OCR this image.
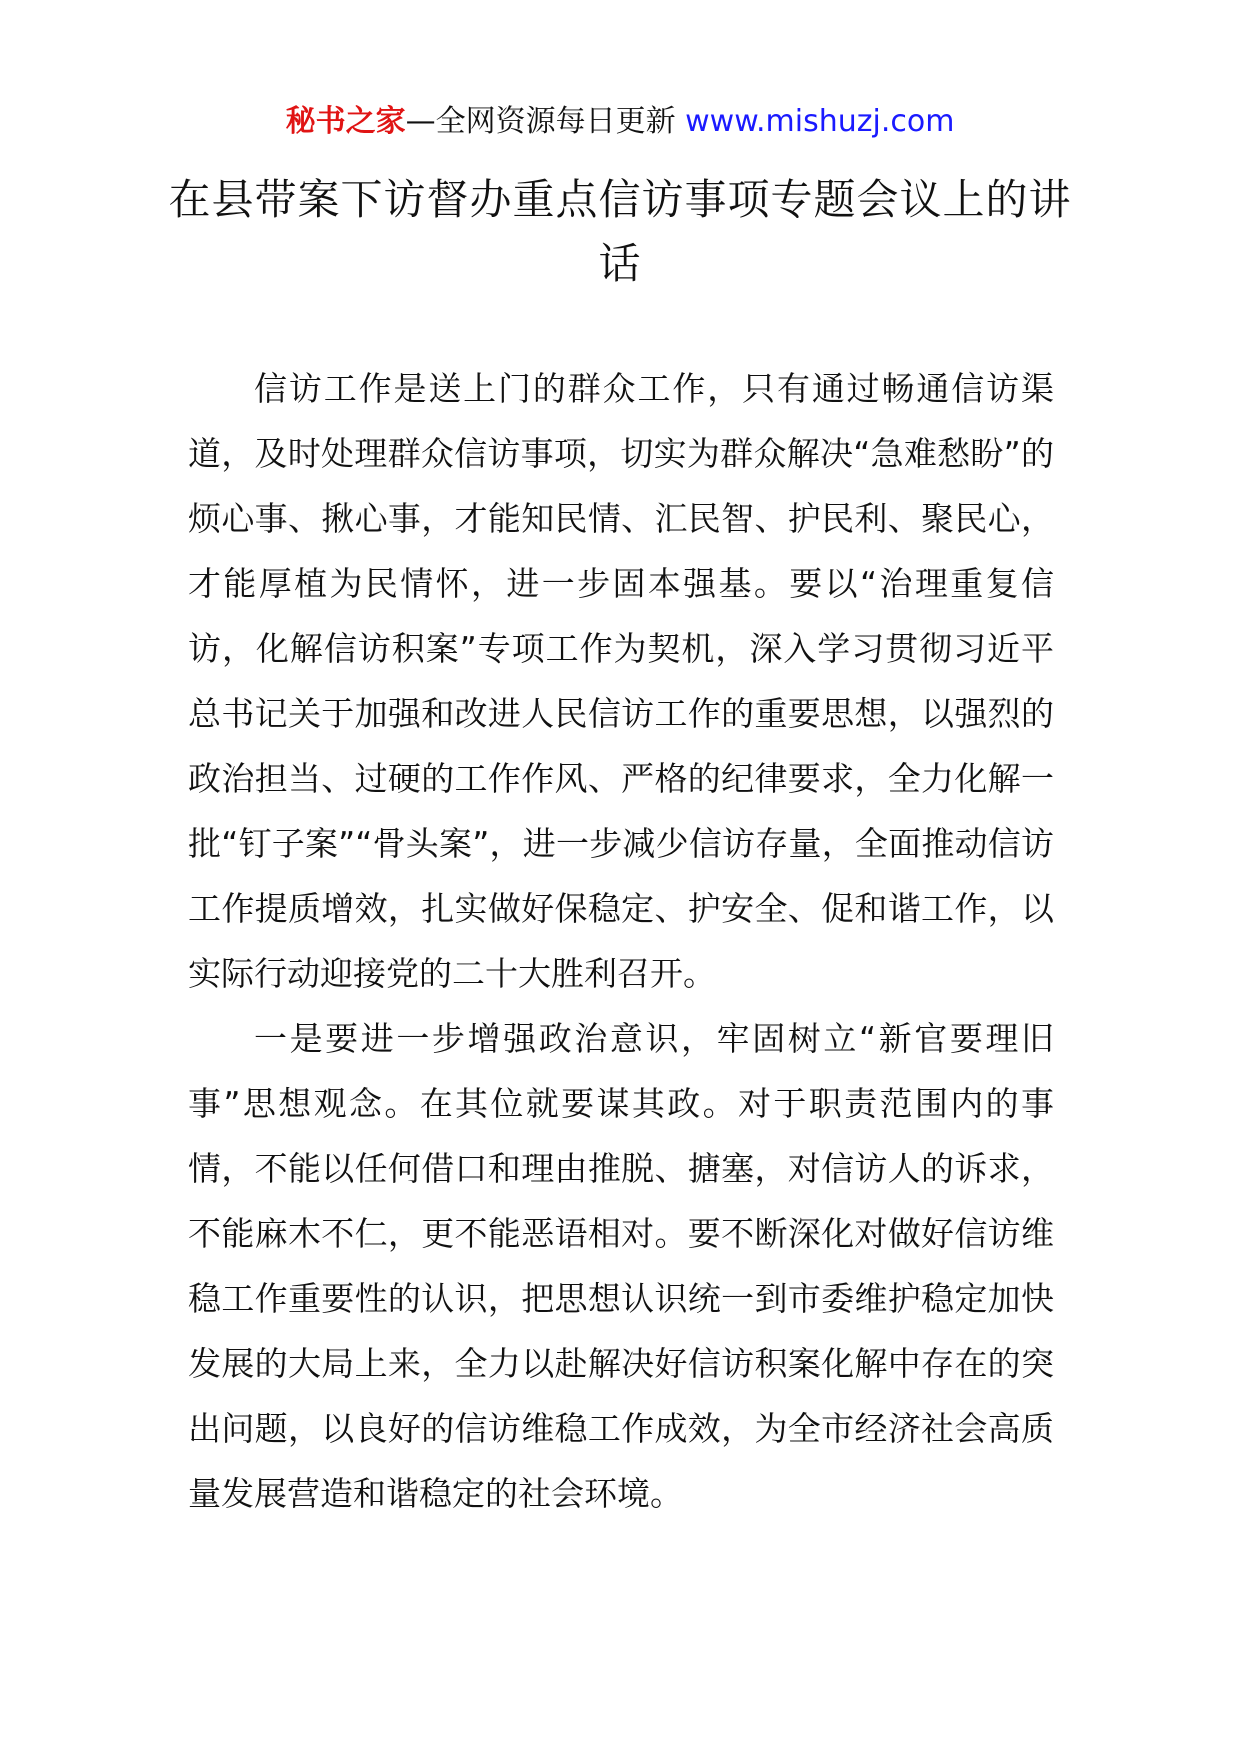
秘书之家—全网资源每日更新 www.mishuzj.com
在县带案下访督办重点信访事项专题会议上的讲话

信访工作是送上门的群众工作，只有通过畅通信访渠道，及时处理群众信访事项，切实为群众解决“急难愁盼”的烦心事、揪心事，才能知民情、汇民智、护民利、聚民心，才能厚植为民情怀，进一步固本强基。要以“治理重复信访，化解信访积案”专项工作为契机，深入学习贯彻习近平总书记关于加强和改进人民信访工作的重要思想，以强烈的政治担当、过硬的工作作风、严格的纪律要求，全力化解一批“钉子案”“骨头案”，进一步减少信访存量，全面推动信访工作提质增效，扎实做好保稳定、护安全、促和谐工作，以实际行动迎接党的二十大胜利召开。

一是要进一步增强政治意识，牢固树立“新官要理旧事”思想观念。在其位就要谋其政。对于职责范围内的事情，不能以任何借口和理由推脱、搪塞，对信访人的诉求，不能麻木不仁，更不能恶语相对。要不断深化对做好信访维稳工作重要性的认识，把思想认识统一到市委维护稳定加快发展的大局上来，全力以赴解决好信访积案化解中存在的突出问题，以良好的信访维稳工作成效，为全市经济社会高质量发展营造和谐稳定的社会环境。
